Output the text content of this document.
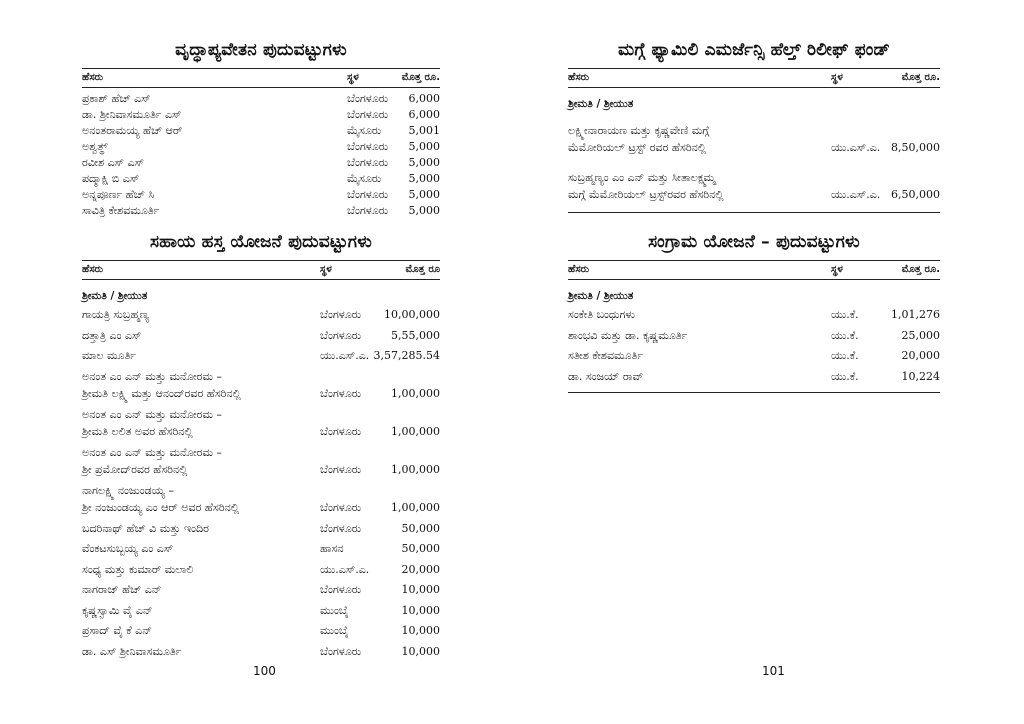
ವೃದ್ಧಾಪ್ಯವೇತನ ಪುದುವಟ್ಟುಗಳು
ಹೆಸರು	ಸ್ಥಳ	ಮೊತ್ತ ರೂ.
ಪ್ರಕಾಶ್ ಹೆಚ್ ಎಸ್	ಬೆಂಗಳೂರು 6,000
ಡಾ. ಶ್ರೀನಿವಾಸಮೂರ್ತಿ ಎಸ್	ಬೆಂಗಳೂರು 6,000
ಅನಂತರಾಮಯ್ಯ ಹೆಚ್ ಆರ್	ಮೈಸೂರು 5,001
ಅಶ್ವತ್ಥ್	ಬೆಂಗಳೂರು 5,000
ರವೀಶ ಎಸ್ ಎಸ್	ಬೆಂಗಳೂರು 5,000
ಪದ್ಮಾಕ್ಷಿ ಬಿ ಎಸ್	ಮೈಸೂರು 5,000
ಅನ್ನಪೂರ್ಣ ಹೆಚ್ ಸಿ	ಬೆಂಗಳೂರು 5,000
ಸಾವಿತ್ರಿ ಕೇಶವಮೂರ್ತಿ	ಬೆಂಗಳೂರು 5,000
ಸಹಾಯ ಹಸ್ತ ಯೋಜನೆ ಪುದುವಟ್ಟುಗಳು
ಹೆಸರು	ಸ್ಥಳ	ಮೊತ್ತ ರೂ
ಶ್ರೀಮತಿ / ಶ್ರೀಯುತ
ಗಾಯತ್ರಿ ಸುಬ್ರಹ್ಮಣ್ಯ	ಬೆಂಗಳೂರು 10,00,000
ದತ್ತಾತ್ರಿ ಎಂ ಎಸ್	ಬೆಂಗಳೂರು	5,55,000
ಮಾಲ ಮೂರ್ತಿ	ಯು.ಎಸ್.ಎ. 3,57,285.54
ಅನಂತ ಎಂ ಎನ್ ಮತ್ತು ಮನೋರಮ –
ಶ್ರೀಮತಿ ಲಕ್ಷ್ಮಿ ಮತ್ತು ಆನಂದ್‌ರವರ ಹೆಸರಿನಲ್ಲಿ	ಬೆಂಗಳೂರು	1,00,000
ಅನಂತ ಎಂ ಎನ್ ಮತ್ತು ಮನೋರಮ –
ಶ್ರೀಮತಿ ಲಲಿತ ಅವರ ಹೆಸರಿನಲ್ಲಿ	ಬೆಂಗಳೂರು	1,00,000
ಅನಂತ ಎಂ ಎನ್ ಮತ್ತು ಮನೋರಮ –
ಶ್ರೀ ಪ್ರಮೋದ್‌ರವರ ಹೆಸರಿನಲ್ಲಿ	ಬೆಂಗಳೂರು	1,00,000
ನಾಗಲಕ್ಷ್ಮಿ ನಂಜುಂಡಯ್ಯ –
ಶ್ರೀ ನಂಜುಂಡಯ್ಯ ಎಂ ಆರ್ ಅವರ ಹೆಸರಿನಲ್ಲಿ	ಬೆಂಗಳೂರು	1,00,000
ಬದರಿನಾಥ್ ಹೆಚ್ ವಿ ಮತ್ತು ಇಂದಿರ	ಬೆಂಗಳೂರು	50,000
ವೆಂಕಟಸುಬ್ಬಯ್ಯ ಎಂ ಎಸ್	ಹಾಸನ	50,000
ಸಂಧ್ಯ ಮತ್ತು ಕುಮಾರ್ ಮಲಾಲಿ	ಯು.ಎಸ್.ಎ.	20,000
ನಾಗರಾಜ್ ಹೆಚ್ ಎನ್	ಬೆಂಗಳೂರು	10,000
ಕೃಷ್ಣಸ್ವಾಮಿ ವೈ ಎನ್	ಮುಂಬೈ	10,000
ಪ್ರಸಾದ್ ವೈ ಕೆ ಎನ್	ಮುಂಬೈ	10,000
ಡಾ. ಎಸ್ ಶ್ರೀನಿವಾಸಮೂರ್ತಿ	ಬೆಂಗಳೂರು	10,000
100
ಮಗ್ಗೆ ಫ್ಯಾಮಿಲಿ ಎಮರ್ಜೆನ್ಸಿ ಹೆಲ್ತ್ ರಿಲೀಫ್ ಫಂಡ್
ಹೆಸರು	ಸ್ಥಳ	ಮೊತ್ತ ರೂ.
ಶ್ರೀಮತಿ / ಶ್ರೀಯುತ
ಲಕ್ಷ್ಮೀನಾರಾಯಣ ಮತ್ತು ಕೃಷ್ಣವೇಣಿ ಮಗ್ಗೆ
ಮೆಮೋರಿಯಲ್ ಟ್ರಸ್ಟ್ ರವರ ಹೆಸರಿನಲ್ಲಿ	ಯು.ಎಸ್.ಎ. 8,50,000
ಸುಬ್ರಹ್ಮಣ್ಯಂ ಎಂ ಎನ್ ಮತ್ತು ಸೀತಾಲಕ್ಷ್ಮಮ್ಮ
ಮಗ್ಗೆ ಮೆಮೋರಿಯಲ್ ಟ್ರಸ್ಟ್‌ರವರ ಹೆಸರಿನಲ್ಲಿ	ಯು.ಎಸ್.ಎ. 6,50,000
ಸಂಗ್ರಾಮ ಯೋಜನೆ – ಪುದುವಟ್ಟುಗಳು
ಹೆಸರು	ಸ್ಥಳ	ಮೊತ್ತ ರೂ.
ಶ್ರೀಮತಿ / ಶ್ರೀಯುತ
ಸಂಕೇತಿ ಬಂಧುಗಳು	ಯು.ಕೆ.	1,01,276
ಶಾಂಭವಿ ಮತ್ತು ಡಾ. ಕೃಷ್ಣಮೂರ್ತಿ	ಯು.ಕೆ.	25,000
ಸತೀಶ ಕೇಶವಮೂರ್ತಿ	ಯು.ಕೆ.	20,000
ಡಾ. ಸಂಜಯ್ ರಾವ್	ಯು.ಕೆ.	10,224
101
